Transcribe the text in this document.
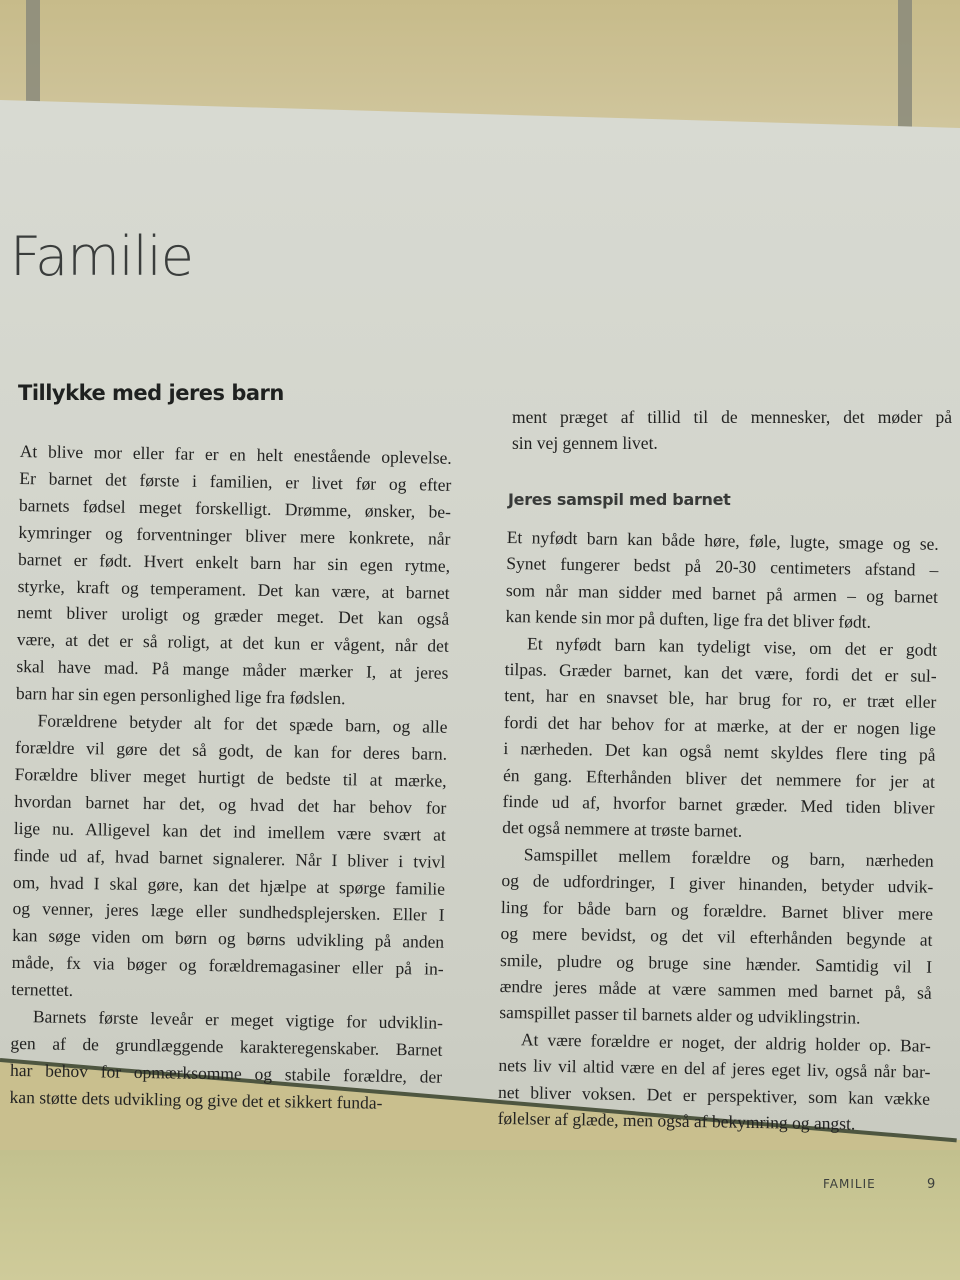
Familie
Tillykke med jeres barn
At blive mor eller far er en helt enestående oplevelse.
Er barnet det første i familien, er livet før og efter
barnets fødsel meget forskelligt. Drømme, ønsker, be-
kymringer og forventninger bliver mere konkrete, når
barnet er født. Hvert enkelt barn har sin egen rytme,
styrke, kraft og temperament. Det kan være, at barnet
nemt bliver uroligt og græder meget. Det kan også
være, at det er så roligt, at det kun er vågent, når det
skal have mad. På mange måder mærker I, at jeres
barn har sin egen personlighed lige fra fødslen.
Forældrene betyder alt for det spæde barn, og alle
forældre vil gøre det så godt, de kan for deres barn.
Forældre bliver meget hurtigt de bedste til at mærke,
hvordan barnet har det, og hvad det har behov for
lige nu. Alligevel kan det ind imellem være svært at
finde ud af, hvad barnet signalerer. Når I bliver i tvivl
om, hvad I skal gøre, kan det hjælpe at spørge familie
og venner, jeres læge eller sundhedsplejersken. Eller I
kan søge viden om børn og børns udvikling på anden
måde, fx via bøger og forældremagasiner eller på in-
ternettet.
Barnets første leveår er meget vigtige for udviklin-
gen af de grundlæggende karakteregenskaber. Barnet
har behov for opmærksomme og stabile forældre, der
kan støtte dets udvikling og give det et sikkert funda-
ment præget af tillid til de mennesker, det møder på
sin vej gennem livet.
Jeres samspil med barnet
Et nyfødt barn kan både høre, føle, lugte, smage og se.
Synet fungerer bedst på 20-30 centimeters afstand –
som når man sidder med barnet på armen – og barnet
kan kende sin mor på duften, lige fra det bliver født.
Et nyfødt barn kan tydeligt vise, om det er godt
tilpas. Græder barnet, kan det være, fordi det er sul-
tent, har en snavset ble, har brug for ro, er træt eller
fordi det har behov for at mærke, at der er nogen lige
i nærheden. Det kan også nemt skyldes flere ting på
én gang. Efterhånden bliver det nemmere for jer at
finde ud af, hvorfor barnet græder. Med tiden bliver
det også nemmere at trøste barnet.
Samspillet mellem forældre og barn, nærheden
og de udfordringer, I giver hinanden, betyder udvik-
ling for både barn og forældre. Barnet bliver mere
og mere bevidst, og det vil efterhånden begynde at
smile, pludre og bruge sine hænder. Samtidig vil I
ændre jeres måde at være sammen med barnet på, så
samspillet passer til barnets alder og udviklingstrin.
At være forældre er noget, der aldrig holder op. Bar-
nets liv vil altid være en del af jeres eget liv, også når bar-
net bliver voksen. Det er perspektiver, som kan vække
følelser af glæde, men også af bekymring og angst.
FAMILIE	9
